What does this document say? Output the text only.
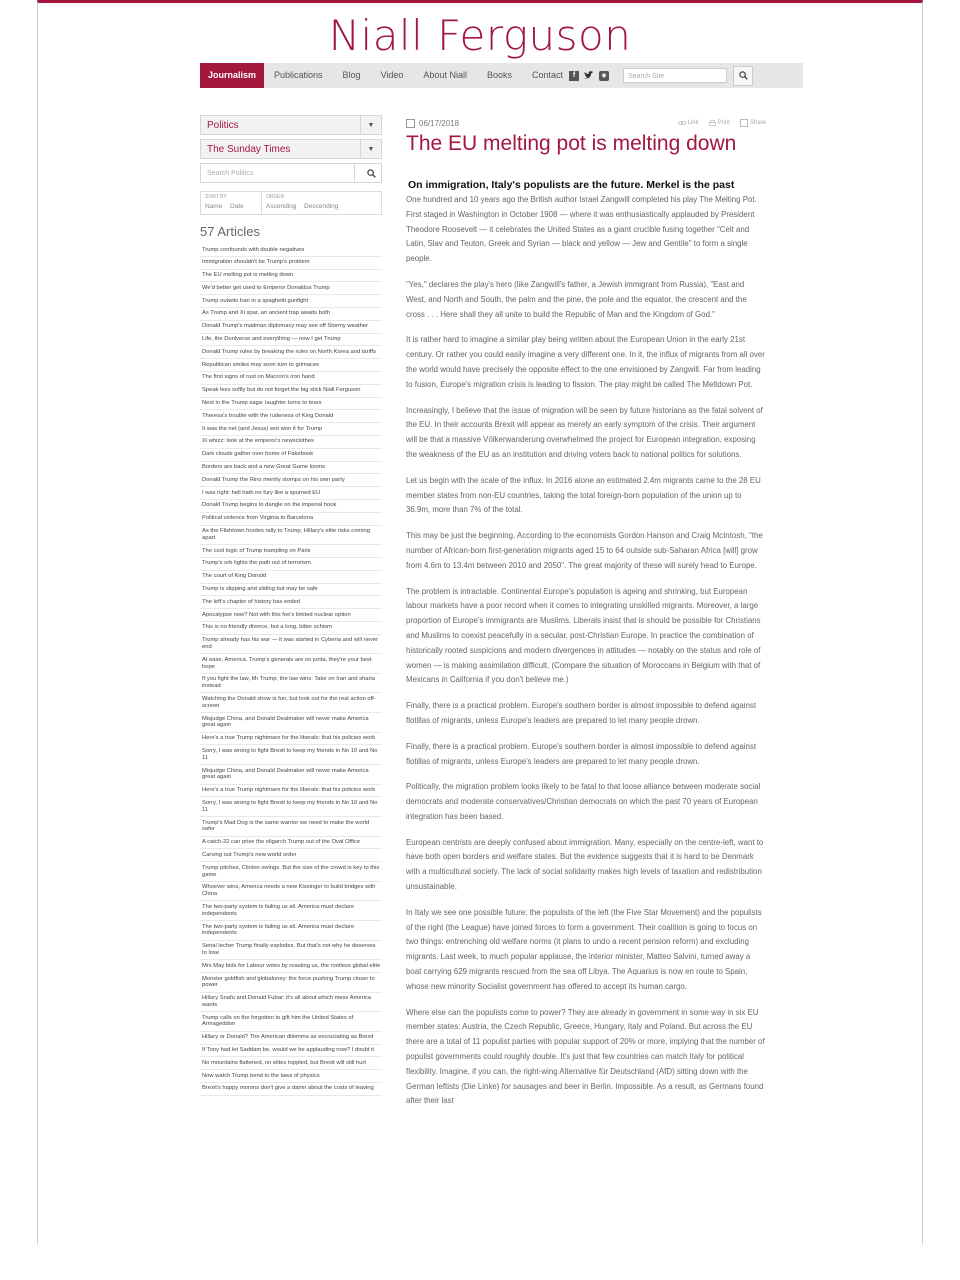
Niall Ferguson
Journalism	Publications	Blog	Video	About Niall	Books	Contact	f	◉	Search Site
Politics	▼
The Sunday Times	▼
Search Politics
SORT BY
Name Date
ORDER
Ascending Descending
57 Articles
Trump confounds with double negatives
Immigration shouldn't be Trump's problem
The EU melting pot is melting down
We'd better get used to Emperor Donaldus Trump
Trump outwits Iran in a spaghetti gunfight
As Trump and Xi spar, an ancient trap awaits both
Donald Trump's madman diplomacy may see off Stormy weather
Life, the Donlverse and everything — now I get Trump
Donald Trump rules by breaking the rules on North Korea and tariffs
Republican smiles may soon turn to grimaces
The first signs of rust on Macron's iron hand
Speak less softly but do not forget the big stick Niall Ferguson
Next in the Trump saga: laughter turns to tears
Theresa's trouble with the rudeness of King Donald
It was the net (and Jesus) wot won it for Trump
Xi whizz: look at the emperor's newsclothes
Dark clouds gather over home of Fakebook
Borders are back and a new Great Game looms
Donald Trump the Rino merrily stomps on his own party
I was right: hell hath no fury like a spurned EU
Donald Trump begins to dangle on the imperial hook
Political violence from Virginia to Barcelona
As the Flishtown hordes rally to Trump, Hillary's elite risks coming apart
The cool logic of Trump trampling on Paris
Trump's orb lights the path out of terrorism
The court of King Donald
Trump is slipping and sliding but may be safe
The left's chapter of history has ended
Apocalypse now? Not with this foe's limited nuclear option
This is no friendly divorce, but a long, bitter schism
Trump already has his war — it was started in Cyberia and will never end
At ease, America. Trump's generals are no junta, they're your best hope
If you fight the law, Mr Trump, the law wins. Take on Iran and sharia instead
Watching the Donald show is fun, but look out for the real action off-screen
Misjudge China, and Donald Dealmaker will never make America great again
Here's a true Trump nightmare for the liberals: that his policies work
Sorry, I was wrong to fight Brexit to keep my friends in No 10 and No 11
Misjudge China, and Donald Dealmaker will never make America great again
Here's a true Trump nightmare for the liberals: that his policies work
Sorry, I was wrong to fight Brexit to keep my friends in No 10 and No 11
Trump's Mad Dog is the same warrior we need to make the world safer
A catch-22 can prise the oligarch Trump out of the Oval Office
Carving out Trump's new world order
Trump pitches, Clinton swings. But the size of the crowd is key to this game
Whoever wins, America needs a new Kissinger to build bridges with China
The two-party system is failing us all. America must declare independents
The two-party system is failing us all. America must declare independents
Serial lecher Trump finally explodes. But that's not why he deserves to lose
Mrs May bids for Labour votes by roasting us, the rootless global elite
Monster goldfish and globaloney: the force pushing Trump closer to power
Hillary Snafu and Donald Fubar: it's all about which mess America wants
Trump calls on the forgotten to gift him the United States of Armageddon
Hillary or Donald? The American dilemma as excruciating as Brexit
If Tony had let Saddam be, would we be applauding now? I doubt it
No mountains flattened, no elites toppled, but Brexit will still hurt
Now watch Trump bend to the laws of physics
Brexit's happy morons don't give a damn about the costs of leaving
06/17/2018	Link	Print	Share
The EU melting pot is melting down
On immigration, Italy's populists are the future. Merkel is the past

One hundred and 10 years ago the British author Israel Zangwill completed his play The Melting Pot. First staged in Washington in October 1908 — where it was enthusiastically applauded by President Theodore Roosevelt — it celebrates the United States as a giant crucible fusing together "Celt and Latin, Slav and Teuton, Greek and Syrian — black and yellow — Jew and Gentile" to form a single people.

"Yes," declares the play's hero (like Zangwill's father, a Jewish immigrant from Russia), "East and West, and North and South, the palm and the pine, the pole and the equator, the crescent and the cross . . . Here shall they all unite to build the Republic of Man and the Kingdom of God."

It is rather hard to imagine a similar play being written about the European Union in the early 21st century. Or rather you could easily imagine a very different one. In it, the influx of migrants from all over the world would have precisely the opposite effect to the one envisioned by Zangwill. Far from leading to fusion, Europe's migration crisis is leading to fission. The play might be called The Meltdown Pot.

Increasingly, I believe that the issue of migration will be seen by future historians as the fatal solvent of the EU. In their accounts Brexit will appear as merely an early symptom of the crisis. Their argument will be that a massive Völkerwanderung overwhelmed the project for European integration, exposing the weakness of the EU as an institution and driving voters back to national politics for solutions.

Let us begin with the scale of the influx. In 2016 alone an estimated 2.4m migrants came to the 28 EU member states from non-EU countries, taking the total foreign-born population of the union up to 36.9m, more than 7% of the total.

This may be just the beginning. According to the economists Gordon Hanson and Craig McIntosh, "the number of African-born first-generation migrants aged 15 to 64 outside sub-Saharan Africa [will] grow from 4.6m to 13.4m between 2010 and 2050". The great majority of these will surely head to Europe.

The problem is intractable. Continental Europe's population is ageing and shrinking, but European labour markets have a poor record when it comes to integrating unskilled migrants. Moreover, a large proportion of Europe's immigrants are Muslims. Liberals insist that is should be possible for Christians and Muslims to coexist peacefully in a secular, post-Christian Europe. In practice the combination of historically rooted suspicions and modern divergences in attitudes — notably on the status and role of women — is making assimilation difficult. (Compare the situation of Moroccans in Belgium with that of Mexicans in California if you don't believe me.)

Finally, there is a practical problem. Europe's southern border is almost impossible to defend against flotillas of migrants, unless Europe's leaders are prepared to let many people drown.

Finally, there is a practical problem. Europe's southern border is almost impossible to defend against flotillas of migrants, unless Europe's leaders are prepared to let many people drown.

Politically, the migration problem looks likely to be fatal to that loose alliance between moderate social democrats and moderate conservatives/Christian democrats on which the past 70 years of European integration has been based.

European centrists are deeply confused about immigration. Many, especially on the centre-left, want to have both open borders and welfare states. But the evidence suggests that it is hard to be Denmark with a multicultural society. The lack of social solidarity makes high levels of taxation and redistribution unsustainable.

In Italy we see one possible future: the populists of the left (the Five Star Movement) and the populists of the right (the League) have joined forces to form a government. Their coalition is going to focus on two things: entrenching old welfare norms (it plans to undo a recent pension reform) and excluding migrants. Last week, to much popular applause, the interior minister, Matteo Salvini, turned away a boat carrying 629 migrants rescued from the sea off Libya. The Aquarius is now en route to Spain, whose new minority Socialist government has offered to accept its human cargo.

Where else can the populists come to power? They are already in government in some way in six EU member states: Austria, the Czech Republic, Greece, Hungary, Italy and Poland. But across the EU there are a total of 11 populist parties with popular support of 20% or more, implying that the number of populist governments could roughly double. It's just that few countries can match Italy for political flexibility. Imagine, if you can, the right-wing Alternative für Deutschland (AfD) sitting down with the German leftists (Die Linke) for sausages and beer in Berlin. Impossible. As a result, as Germans found after their last
